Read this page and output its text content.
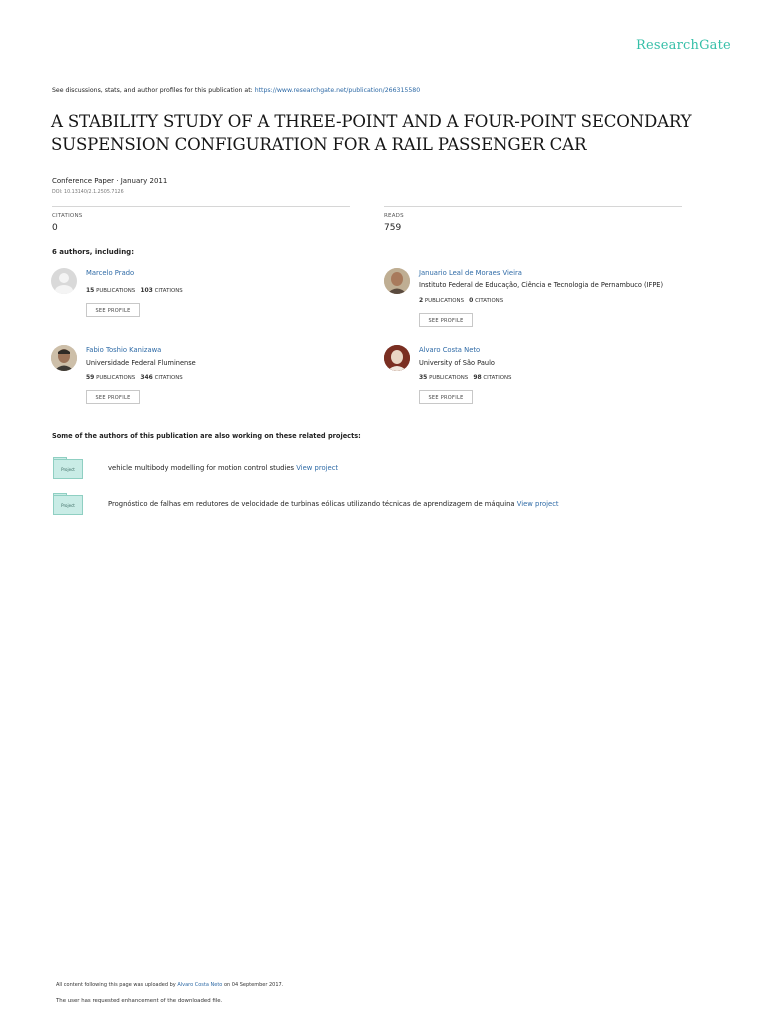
ResearchGate
See discussions, stats, and author profiles for this publication at: https://www.researchgate.net/publication/266315580
A STABILITY STUDY OF A THREE-POINT AND A FOUR-POINT SECONDARY SUSPENSION CONFIGURATION FOR A RAIL PASSENGER CAR
Conference Paper · January 2011
DOI: 10.13140/2.1.2505.7126
CITATIONS
0
READS
759
6 authors, including:
Marcelo Prado
15 PUBLICATIONS 103 CITATIONS
SEE PROFILE
Januario Leal de Moraes Vieira
Instituto Federal de Educação, Ciência e Tecnologia de Pernambuco (IFPE)
2 PUBLICATIONS 0 CITATIONS
SEE PROFILE
Fabio Toshio Kanizawa
Universidade Federal Fluminense
59 PUBLICATIONS 346 CITATIONS
SEE PROFILE
Alvaro Costa Neto
University of São Paulo
35 PUBLICATIONS 98 CITATIONS
SEE PROFILE
Some of the authors of this publication are also working on these related projects:
Project	vehicle multibody modelling for motion control studies View project
Project	Prognóstico de falhas em redutores de velocidade de turbinas eólicas utilizando técnicas de aprendizagem de máquina View project
All content following this page was uploaded by Alvaro Costa Neto on 04 September 2017.
The user has requested enhancement of the downloaded file.
